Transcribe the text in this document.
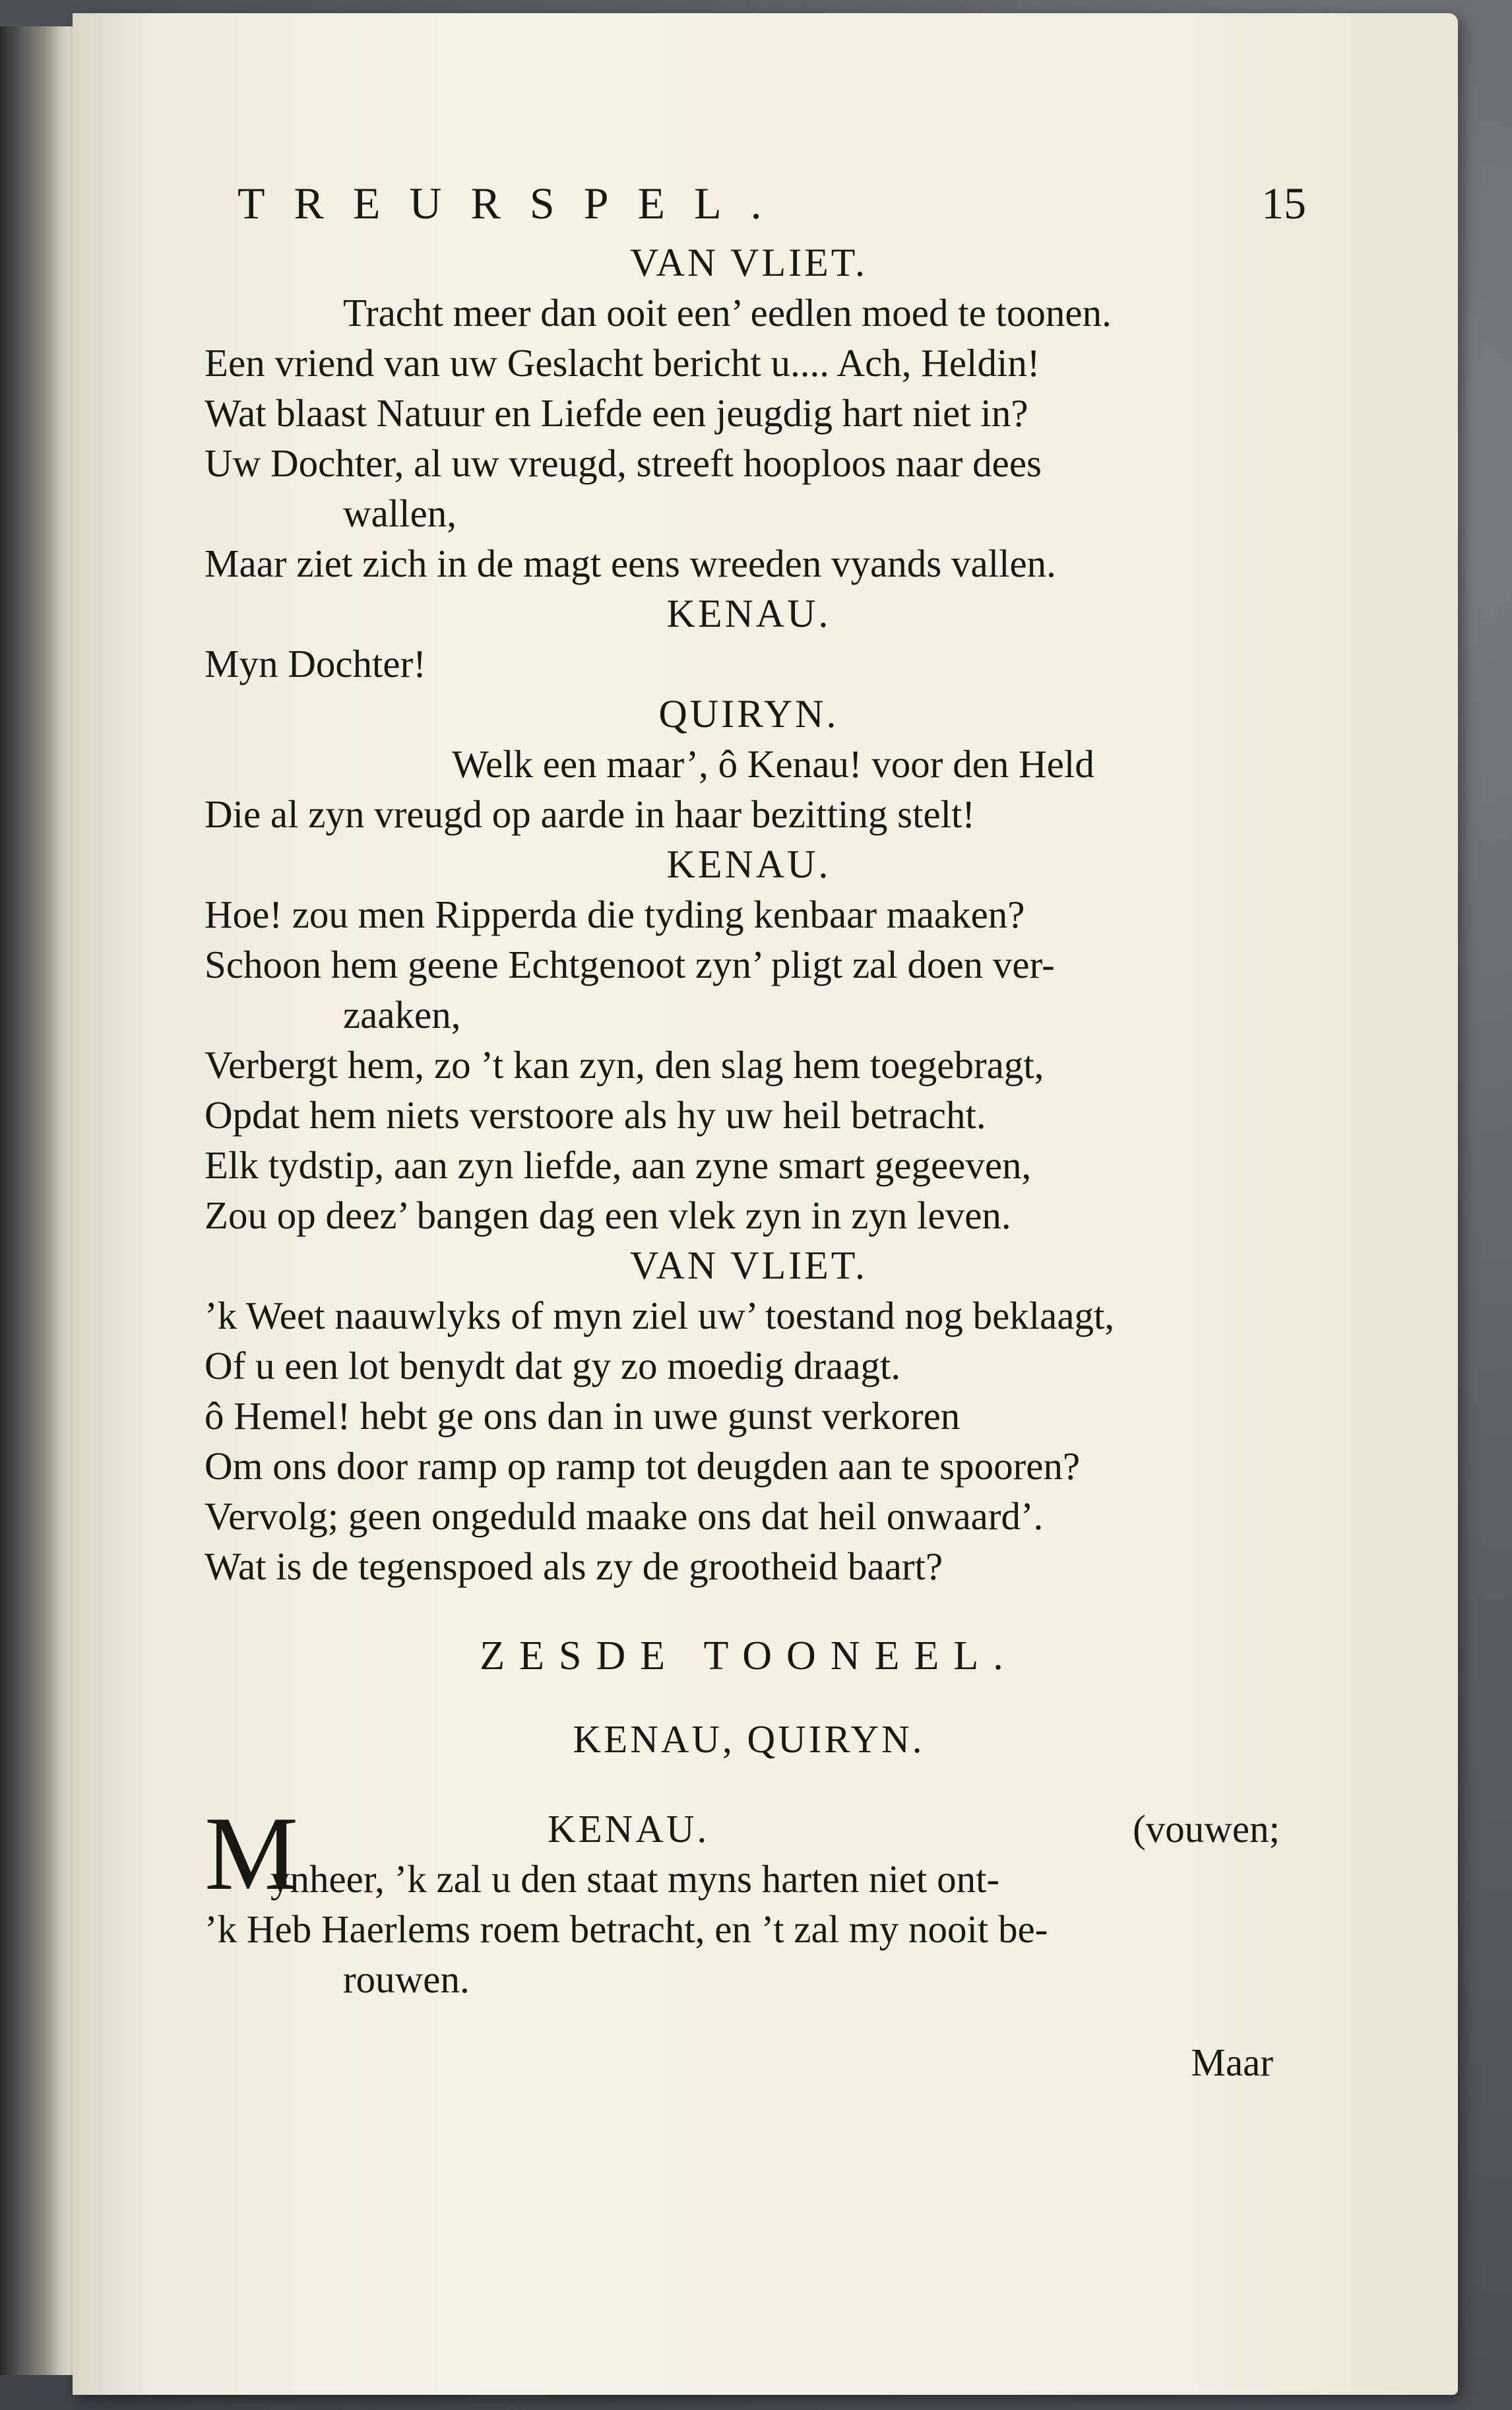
TREURSPEL.	15
VAN VLIET.
Tracht meer dan ooit een’ eedlen moed te toonen.
Een vriend van uw Geslacht bericht u.... Ach, Heldin!
Wat blaast Natuur en Liefde een jeugdig hart niet in?
Uw Dochter, al uw vreugd, streeft hooploos naar dees
wallen,
Maar ziet zich in de magt eens wreeden vyands vallen.
KENAU.
Myn Dochter!
QUIRYN.
Welk een maar’, ô Kenau! voor den Held
Die al zyn vreugd op aarde in haar bezitting stelt!
KENAU.
Hoe! zou men Ripperda die tyding kenbaar maaken?
Schoon hem geene Echtgenoot zyn’ pligt zal doen ver-
zaaken,
Verbergt hem, zo ’t kan zyn, den slag hem toegebragt,
Opdat hem niets verstoore als hy uw heil betracht.
Elk tydstip, aan zyn liefde, aan zyne smart gegeeven,
Zou op deez’ bangen dag een vlek zyn in zyn leven.
VAN VLIET.
’k Weet naauwlyks of myn ziel uw’ toestand nog beklaagt,
Of u een lot benydt dat gy zo moedig draagt.
ô Hemel! hebt ge ons dan in uwe gunst verkoren
Om ons door ramp op ramp tot deugden aan te spooren?
Vervolg; geen ongeduld maake ons dat heil onwaard’.
Wat is de tegenspoed als zy de grootheid baart?
ZESDE TOONEEL.
KENAU, QUIRYN.
M	KENAU.	(vouwen;
ynheer, ’k zal u den staat myns harten niet ont-
’k Heb Haerlems roem betracht, en ’t zal my nooit be-
rouwen.
Maar
